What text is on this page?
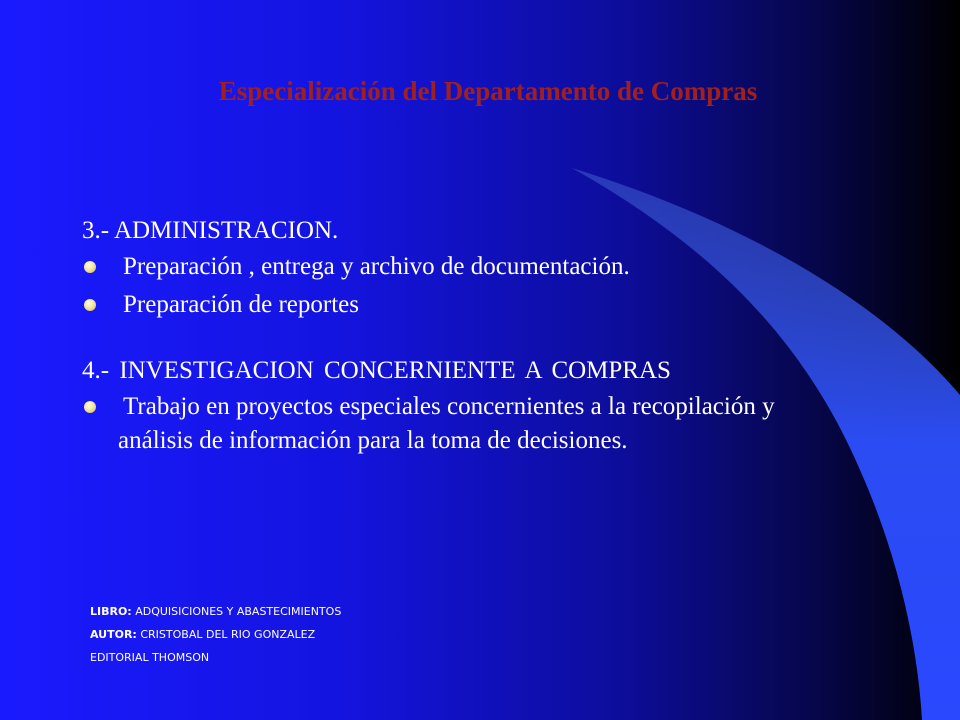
Especialización del Departamento de Compras

3.- ADMINISTRACION.

Preparación , entrega y archivo de documentación.
Preparación de reportes

4.- INVESTIGACION CONCERNIENTE A COMPRAS

Trabajo en proyectos especiales concernientes a la recopilación y análisis de información para la toma de decisiones.
LIBRO: ADQUISICIONES Y ABASTECIMIENTOS
AUTOR: CRISTOBAL DEL RIO GONZALEZ
EDITORIAL THOMSON
